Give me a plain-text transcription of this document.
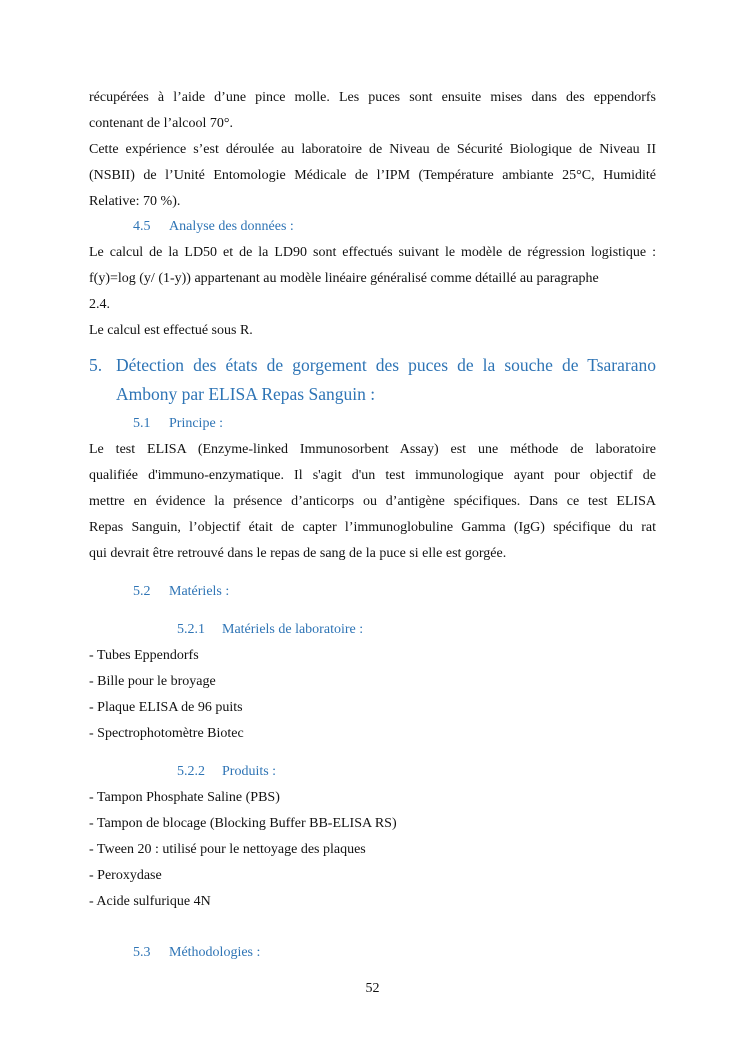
récupérées à l’aide d’une pince molle. Les puces sont ensuite mises dans des eppendorfs
contenant de l’alcool 70°.
Cette expérience s’est déroulée au laboratoire de Niveau de Sécurité Biologique de Niveau II
(NSBII) de l’Unité Entomologie Médicale de l’IPM (Température ambiante 25°C, Humidité
Relative: 70 %).
4.5 Analyse des données :
Le calcul de la LD50 et de la LD90 sont effectués suivant le modèle de régression logistique :
f(y)=log (y/ (1-y)) appartenant au modèle linéaire généralisé comme détaillé au paragraphe
2.4.
Le calcul est effectué sous R.
5. Détection des états de gorgement des puces de la souche de Tsararano
Ambony par ELISA Repas Sanguin :
5.1 Principe :
Le test ELISA (Enzyme-linked Immunosorbent Assay) est une méthode de laboratoire
qualifiée d'immuno-enzymatique. Il s'agit d'un test immunologique ayant pour objectif de
mettre en évidence la présence d’anticorps ou d’antigène spécifiques. Dans ce test ELISA
Repas Sanguin, l’objectif était de capter l’immunoglobuline Gamma (IgG) spécifique du rat
qui devrait être retrouvé dans le repas de sang de la puce si elle est gorgée.
5.2 Matériels :
5.2.1 Matériels de laboratoire :
- Tubes Eppendorfs
- Bille pour le broyage
- Plaque ELISA de 96 puits
- Spectrophotomètre Biotec
5.2.2 Produits :
- Tampon Phosphate Saline (PBS)
- Tampon de blocage (Blocking Buffer BB-ELISA RS)
- Tween 20 : utilisé pour le nettoyage des plaques
- Peroxydase
- Acide sulfurique 4N
5.3 Méthodologies :
52
